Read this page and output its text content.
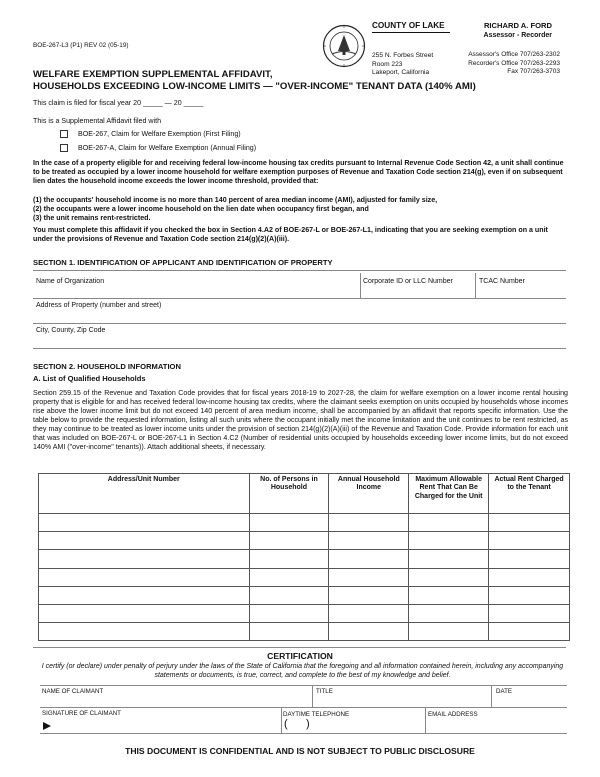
BOE-267-L3 (P1) REV 02 (05-19)
COUNTY OF LAKE
255 N. Forbes Street
Room 223
Lakeport, California
RICHARD A. FORD
Assessor - Recorder
Assessor's Office 707/263-2302
Recorder's Office 707/263-2293
Fax 707/263-3703
WELFARE EXEMPTION SUPPLEMENTAL AFFIDAVIT,
HOUSEHOLDS EXCEEDING LOW-INCOME LIMITS — "OVER-INCOME" TENANT DATA (140% AMI)
This claim is filed for fiscal year 20 _____ — 20 _____
This is a Supplemental Affidavit filed with
BOE-267, Claim for Welfare Exemption (First Filing)
BOE-267-A, Claim for Welfare Exemption (Annual Filing)
In the case of a property eligible for and receiving federal low-income housing tax credits pursuant to Internal Revenue Code Section 42, a unit shall continue to be treated as occupied by a lower income household for welfare exemption purposes of Revenue and Taxation Code section 214(g), even if on subsequent lien dates the household income exceeds the lower income threshold, provided that:
(1) the occupants' household income is no more than 140 percent of area median income (AMI), adjusted for family size,
(2) the occupants were a lower income household on the lien date when occupancy first began, and
(3) the unit remains rent-restricted.
You must complete this affidavit if you checked the box in Section 4.A2 of BOE-267-L or BOE-267-L1, indicating that you are seeking exemption on a unit under the provisions of Revenue and Taxation Code section 214(g)(2)(A)(iii).
SECTION 1. IDENTIFICATION OF APPLICANT AND IDENTIFICATION OF PROPERTY
Name of Organization	Corporate ID or LLC Number	TCAC Number
Address of Property (number and street)
City, County, Zip Code
SECTION 2. HOUSEHOLD INFORMATION
A. List of Qualified Households
Section 259.15 of the Revenue and Taxation Code provides that for fiscal years 2018-19 to 2027-28, the claim for welfare exemption on a lower income rental housing property that is eligible for and has received federal low-income housing tax credits, where the claimant seeks exemption on units occupied by households whose incomes rise above the lower income limit but do not exceed 140 percent of area medium income, shall be accompanied by an affidavit that reports specific information. Use the table below to provide the requested information, listing all such units where the occupant initially met the income limitation and the unit continues to be rent restricted, as they may continue to be treated as lower income units under the provision of section 214(g)(2)(A)(iii) of the Revenue and Taxation Code. Provide information for each unit that was included on BOE-267-L or BOE-267-L1 in Section 4.C2 (Number of residential units occupied by households exceeding lower income limits, but do not exceed 140% AMI ("over-income" tenants)). Attach additional sheets, if necessary.
Address/Unit Number	No. of Persons in Household	Annual Household Income	Maximum Allowable Rent That Can Be Charged for the Unit	Actual Rent Charged to the Tenant

CERTIFICATION
I certify (or declare) under penalty of perjury under the laws of the State of California that the foregoing and all information contained herein, including any accompanying statements or documents, is true, correct, and complete to the best of my knowledge and belief.
NAME OF CLAIMANT	TITLE	DATE
SIGNATURE OF CLAIMANT	DAYTIME TELEPHONE
(      )
EMAIL ADDRESS
THIS DOCUMENT IS CONFIDENTIAL AND IS NOT SUBJECT TO PUBLIC DISCLOSURE
